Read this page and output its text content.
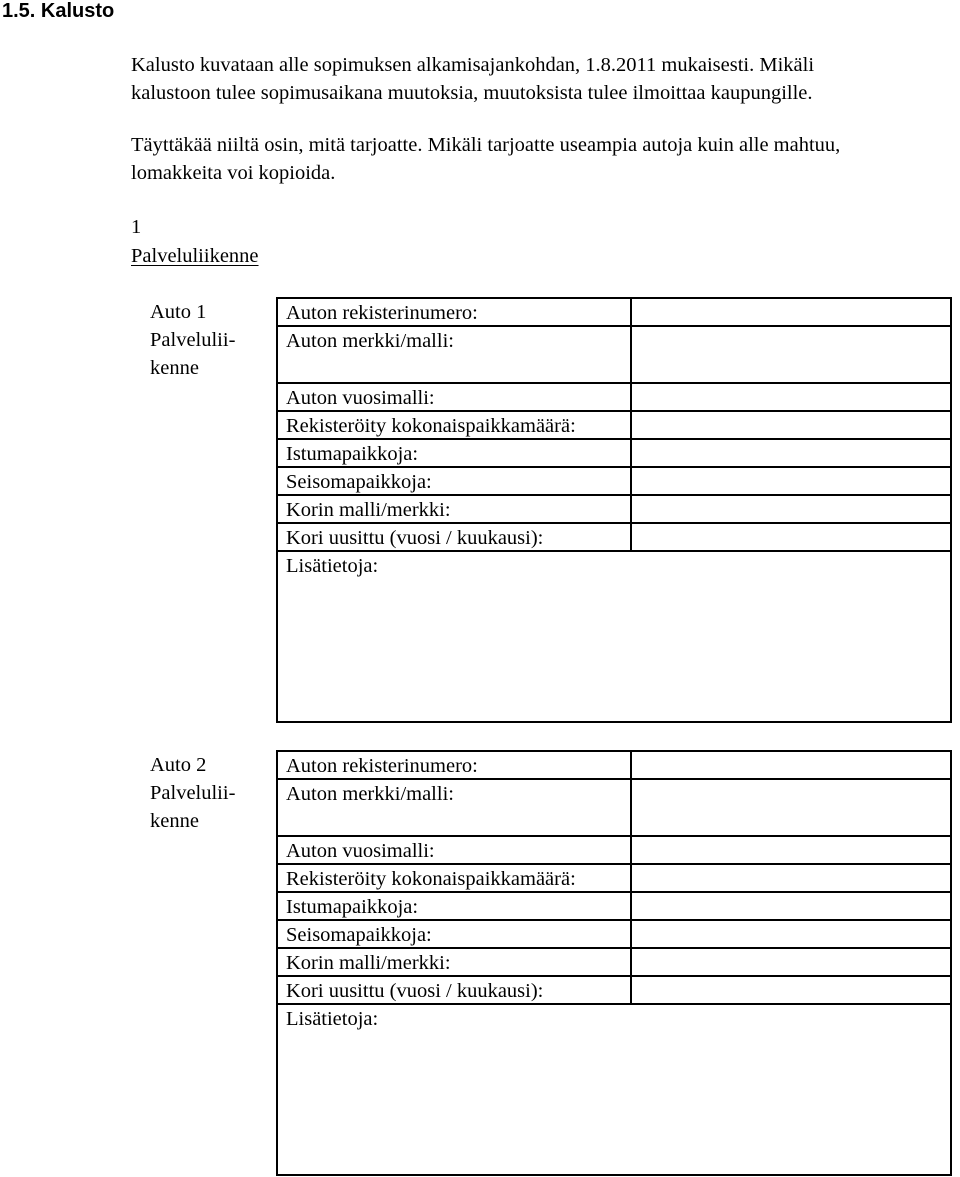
1.5. Kalusto
Kalusto kuvataan alle sopimuksen alkamisajankohdan, 1.8.2011 mukaisesti. Mikäli
kalustoon tulee sopimusaikana muutoksia, muutoksista tulee ilmoittaa kaupungille.
Täyttäkää niiltä osin, mitä tarjoatte. Mikäli tarjoatte useampia autoja kuin alle mahtuu,
lomakkeita voi kopioida.
1
Palveluliikenne
Auto 1
Palvelulii-
kenne
Auton rekisterinumero:
Auton merkki/malli:
Auton vuosimalli:
Rekisteröity kokonaispaikkamäärä:
Istumapaikkoja:
Seisomapaikkoja:
Korin malli/merkki:
Kori uusittu (vuosi / kuukausi):
Lisätietoja:
Auto 2
Palvelulii-
kenne
Auton rekisterinumero:
Auton merkki/malli:
Auton vuosimalli:
Rekisteröity kokonaispaikkamäärä:
Istumapaikkoja:
Seisomapaikkoja:
Korin malli/merkki:
Kori uusittu (vuosi / kuukausi):
Lisätietoja:
